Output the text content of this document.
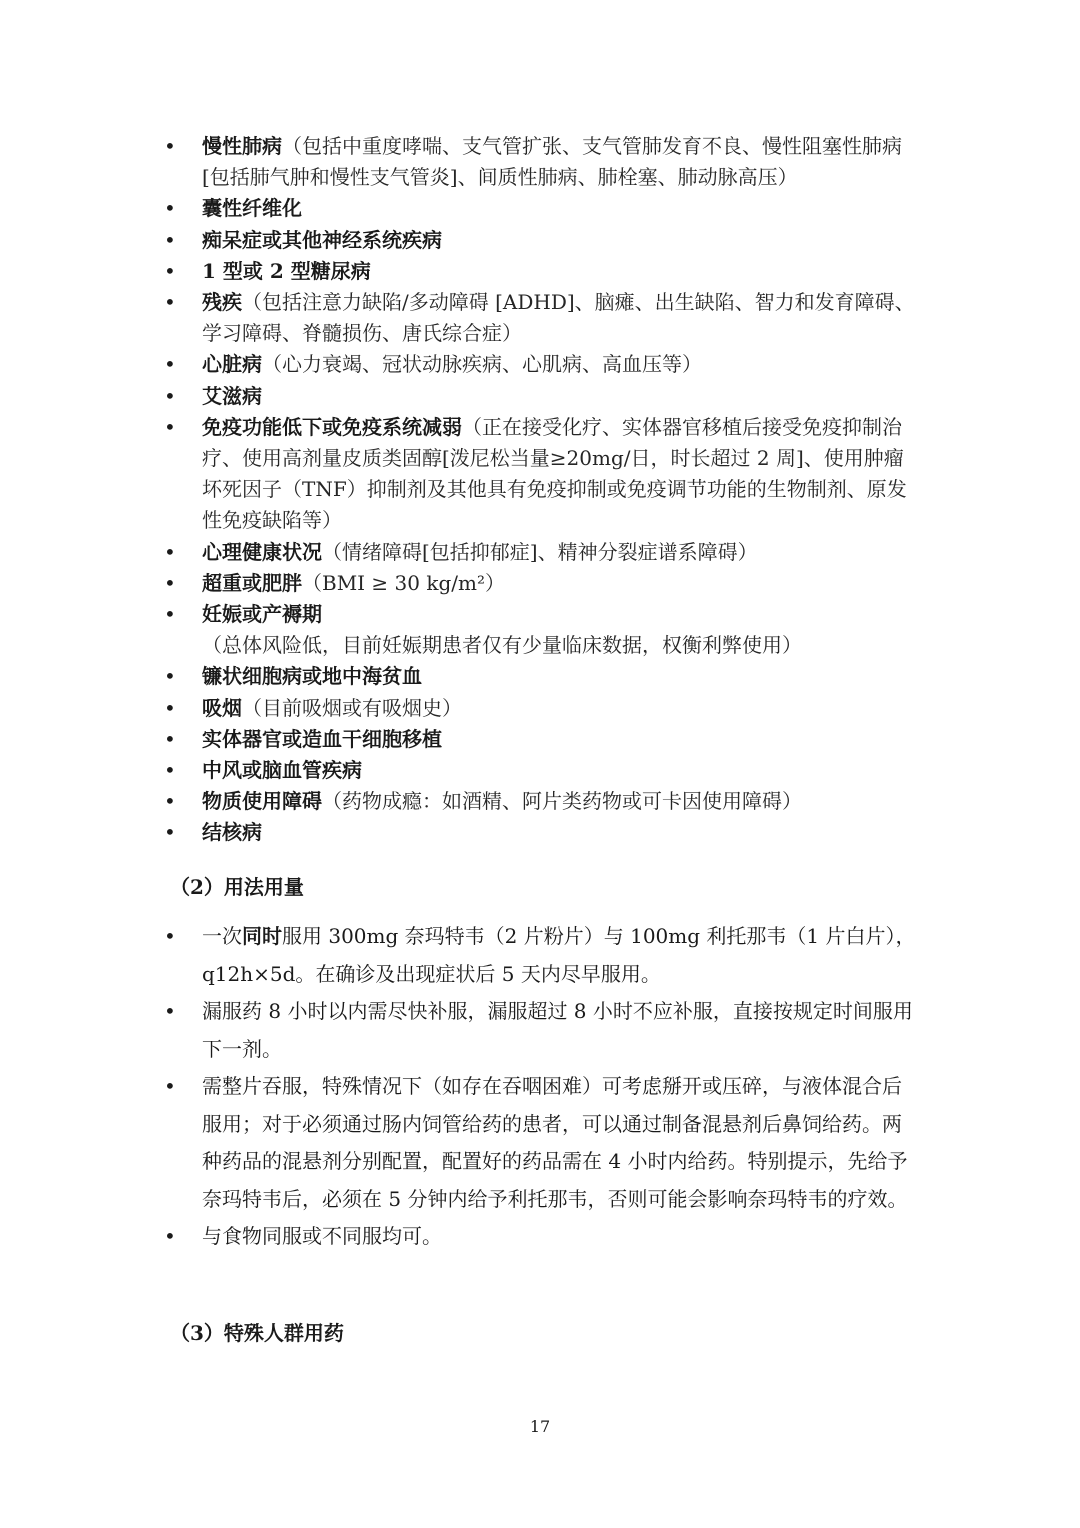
• 慢性肺病（包括中重度哮喘、支气管扩张、支气管肺发育不良、慢性阻塞性肺病[包括肺气肿和慢性支气管炎]、间质性肺病、肺栓塞、肺动脉高压）
• 囊性纤维化
• 痴呆症或其他神经系统疾病
• 1 型或 2 型糖尿病
• 残疾（包括注意力缺陷/多动障碍 [ADHD]、脑瘫、出生缺陷、智力和发育障碍、学习障碍、脊髓损伤、唐氏综合症）
• 心脏病（心力衰竭、冠状动脉疾病、心肌病、高血压等）
• 艾滋病
• 免疫功能低下或免疫系统减弱（正在接受化疗、实体器官移植后接受免疫抑制治疗、使用高剂量皮质类固醇[泼尼松当量≥20mg/日，时长超过 2 周]、使用肿瘤坏死因子（TNF）抑制剂及其他具有免疫抑制或免疫调节功能的生物制剂、原发性免疫缺陷等）
• 心理健康状况（情绪障碍[包括抑郁症]、精神分裂症谱系障碍）
• 超重或肥胖（BMI ≥ 30 kg/m²）
• 妊娠或产褥期（总体风险低，目前妊娠期患者仅有少量临床数据，权衡利弊使用）
• 镰状细胞病或地中海贫血
• 吸烟（目前吸烟或有吸烟史）
• 实体器官或造血干细胞移植
• 中风或脑血管疾病
• 物质使用障碍（药物成瘾：如酒精、阿片类药物或可卡因使用障碍）
• 结核病
（2）用法用量
• 一次同时服用 300mg 奈玛特韦（2 片粉片）与 100mg 利托那韦（1 片白片），q12h×5d。在确诊及出现症状后 5 天内尽早服用。
• 漏服药 8 小时以内需尽快补服，漏服超过 8 小时不应补服，直接按规定时间服用下一剂。
• 需整片吞服，特殊情况下（如存在吞咽困难）可考虑掰开或压碎，与液体混合后服用；对于必须通过肠内饲管给药的患者，可以通过制备混悬剂后鼻饲给药。两种药品的混悬剂分别配置，配置好的药品需在 4 小时内给药。特别提示，先给予奈玛特韦后，必须在 5 分钟内给予利托那韦，否则可能会影响奈玛特韦的疗效。
• 与食物同服或不同服均可。
（3）特殊人群用药
17
